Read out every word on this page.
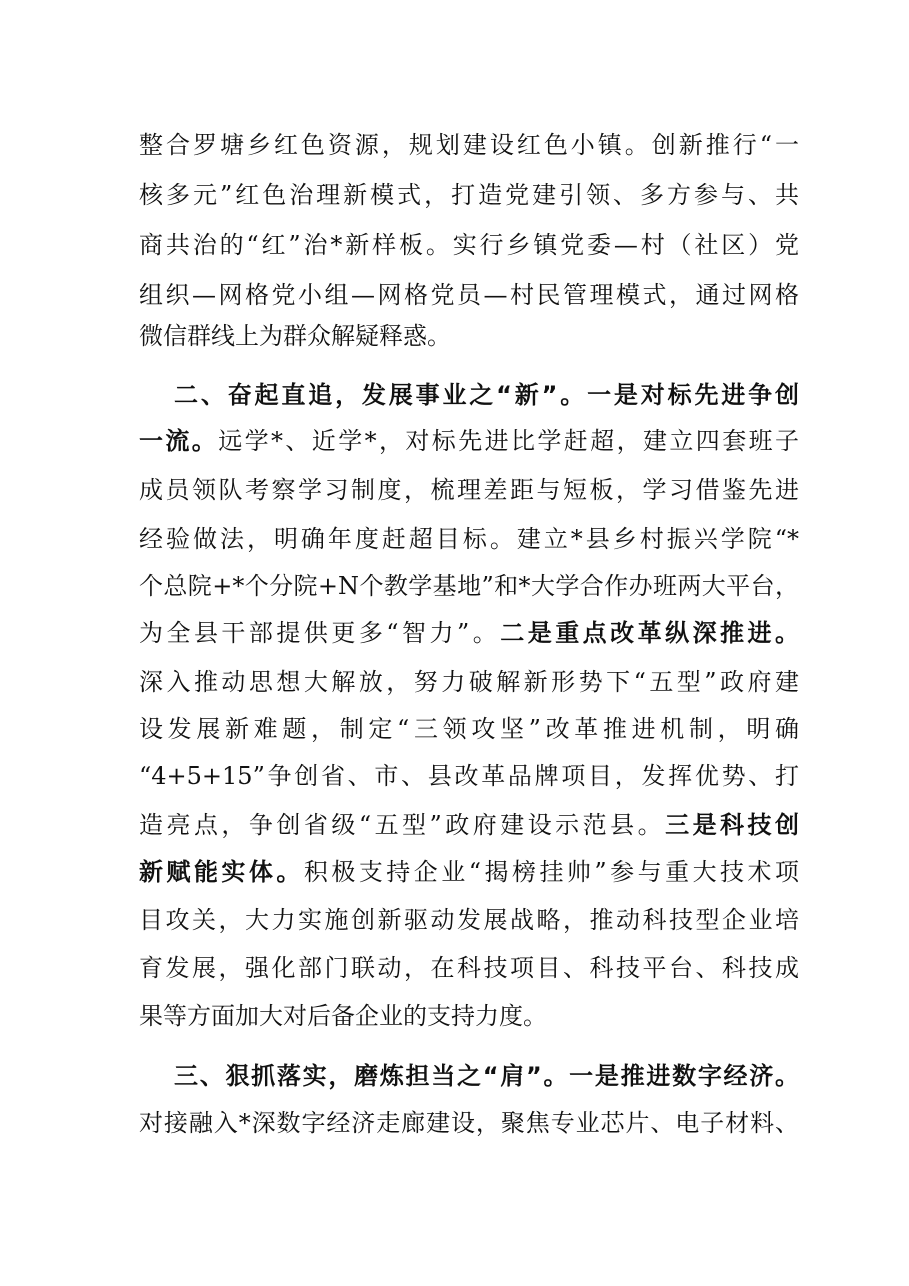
整合罗塘乡红色资源，规划建设红色小镇。创新推行“一
核多元”红色治理新模式，打造党建引领、多方参与、共
商共治的“红”治*新样板。实行乡镇党委—村（社区）党
组织—网格党小组—网格党员—村民管理模式，通过网格
微信群线上为群众解疑释惑。
二、奋起直追，发展事业之“新”。一是对标先进争创
一流。远学*、近学*，对标先进比学赶超，建立四套班子
成员领队考察学习制度，梳理差距与短板，学习借鉴先进
经验做法，明确年度赶超目标。建立*县乡村振兴学院“*
个总院+*个分院+N个教学基地”和*大学合作办班两大平台，
为全县干部提供更多“智力”。二是重点改革纵深推进。
深入推动思想大解放，努力破解新形势下“五型”政府建
设发展新难题，制定“三领攻坚”改革推进机制，明确
“4+5+15”争创省、市、县改革品牌项目，发挥优势、打
造亮点，争创省级“五型”政府建设示范县。三是科技创
新赋能实体。积极支持企业“揭榜挂帅”参与重大技术项
目攻关，大力实施创新驱动发展战略，推动科技型企业培
育发展，强化部门联动，在科技项目、科技平台、科技成
果等方面加大对后备企业的支持力度。
三、狠抓落实，磨炼担当之“肩”。一是推进数字经济。
对接融入*深数字经济走廊建设，聚焦专业芯片、电子材料、
